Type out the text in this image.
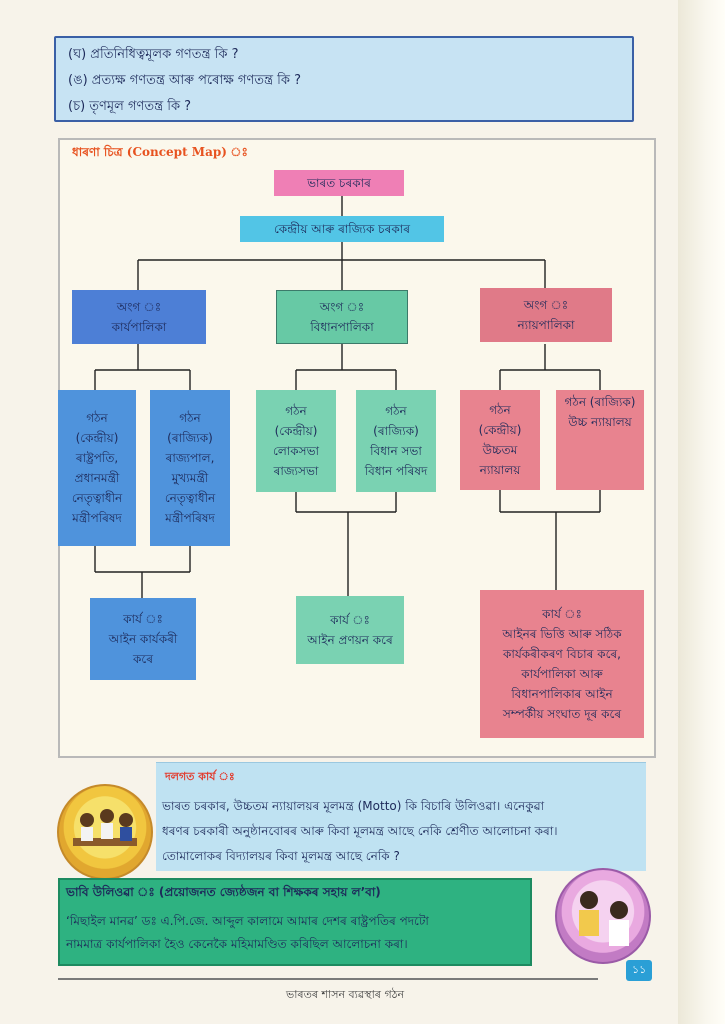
(ঘ) প্ৰতিনিধিত্বমূলক গণতন্ত্ৰ কি ?
(ঙ) প্ৰত্যক্ষ গণতন্ত্ৰ আৰু পৰোক্ষ গণতন্ত্ৰ কি ?
(চ) তৃণমূল গণতন্ত্ৰ কি ?
ধাৰণা চিত্ৰ (Concept Map) ঃ
ভাৰত চৰকাৰ
কেন্দ্ৰীয় আৰু ৰাজ্যিক চৰকাৰ
অংগ ঃ
কাৰ্যপালিকা
অংগ ঃ
বিধানপালিকা
অংগ ঃ
ন্যায়পালিকা
গঠন
(কেন্দ্ৰীয়)
ৰাষ্ট্ৰপতি,
প্ৰধানমন্ত্ৰী
নেতৃত্বাধীন
মন্ত্ৰীপৰিষদ
গঠন
(ৰাজ্যিক)
ৰাজ্যপাল,
মুখ্যমন্ত্ৰী
নেতৃত্বাধীন
মন্ত্ৰীপৰিষদ
গঠন
(কেন্দ্ৰীয়)
লোকসভা
ৰাজ্যসভা
গঠন
(ৰাজ্যিক)
বিধান সভা
বিধান পৰিষদ
গঠন
(কেন্দ্ৰীয়)
উচ্চতম
ন্যায়ালয়
গঠন (ৰাজ্যিক)
উচ্চ ন্যায়ালয়
কাৰ্য ঃ
আইন কাৰ্যকৰী
কৰে
কাৰ্য ঃ
আইন প্ৰণয়ন কৰে
কাৰ্য ঃ
আইনৰ ভিত্তি আৰু সঠিক
কাৰ্যকৰীকৰণ বিচাৰ কৰে,
কাৰ্যপালিকা আৰু
বিধানপালিকাৰ আইন
সম্পৰ্কীয় সংঘাত দূৰ কৰে
দলগত কাৰ্য ঃ
ভাৰত চৰকাৰ, উচ্চতম ন্যায়ালয়ৰ মূলমন্ত্ৰ (Motto) কি বিচাৰি উলিওৱা। এনেকুৱা
ধৰণৰ চৰকাৰী অনুষ্ঠানবোৰৰ আৰু কিবা মূলমন্ত্ৰ আছে নেকি শ্ৰেণীত আলোচনা কৰা।
তোমালোকৰ বিদ্যালয়ৰ কিবা মূলমন্ত্ৰ আছে নেকি ?
ভাবি উলিওৱা ঃ (প্ৰয়োজনত জ্যেষ্ঠজন বা শিক্ষকৰ সহায় লʼবা)
‘মিছাইল মানৱ’ ডঃ এ.পি.জে. আব্দুল কালামে আমাৰ দেশৰ ৰাষ্ট্ৰপতিৰ পদটো
নামমাত্ৰ কাৰ্যপালিকা হৈও কেনেকৈ মহিমামণ্ডিত কৰিছিল আলোচনা কৰা।
১১
ভাৰতৰ শাসন ব্যৱস্থাৰ গঠন
